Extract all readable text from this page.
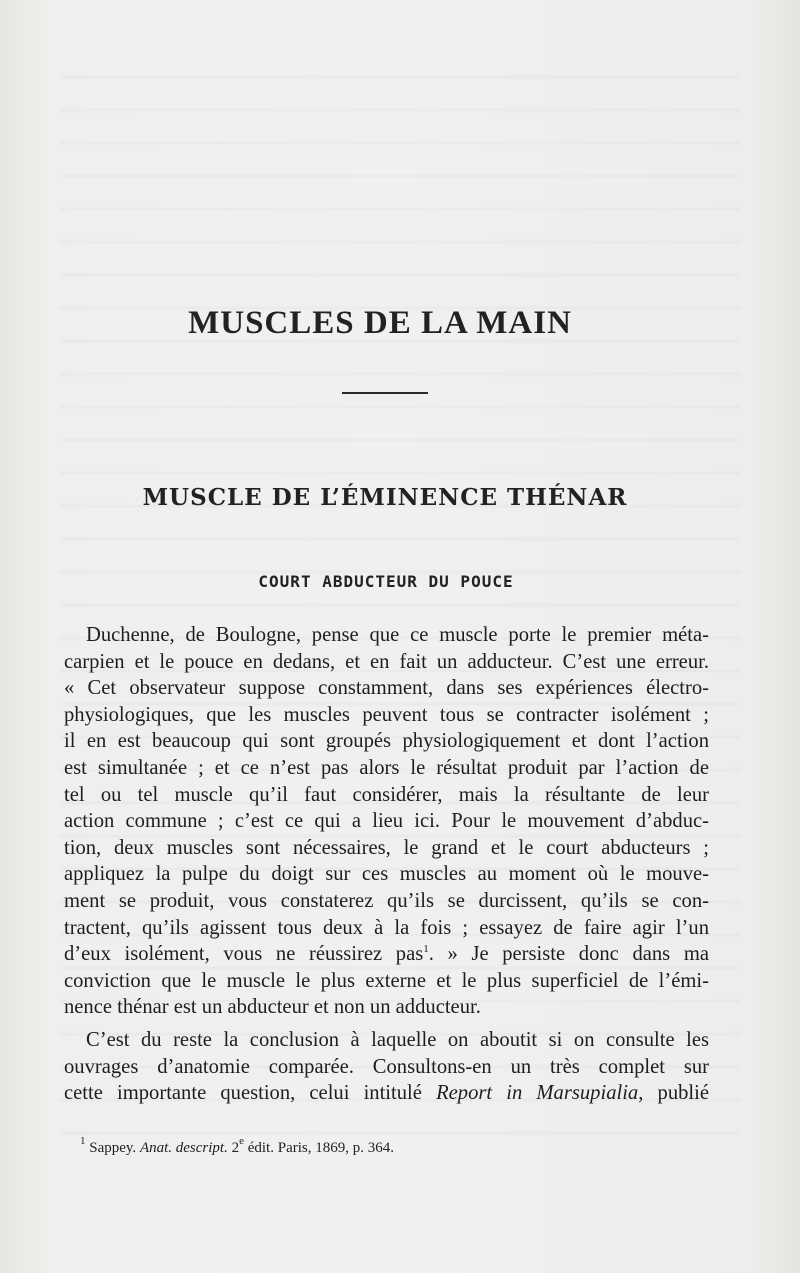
MUSCLES DE LA MAIN
MUSCLE DE L’ÉMINENCE THÉNAR
COURT ABDUCTEUR DU POUCE
Duchenne, de Boulogne, pense que ce muscle porte le premier méta-
carpien et le pouce en dedans, et en fait un adducteur. C’est une erreur.
« Cet observateur suppose constamment, dans ses expériences électro-
physiologiques, que les muscles peuvent tous se contracter isolément ;
il en est beaucoup qui sont groupés physiologiquement et dont l’action
est simultanée ; et ce n’est pas alors le résultat produit par l’action de
tel ou tel muscle qu’il faut considérer, mais la résultante de leur
action commune ; c’est ce qui a lieu ici. Pour le mouvement d’abduc-
tion, deux muscles sont nécessaires, le grand et le court abducteurs ;
appliquez la pulpe du doigt sur ces muscles au moment où le mouve-
ment se produit, vous constaterez qu’ils se durcissent, qu’ils se con-
tractent, qu’ils agissent tous deux à la fois ; essayez de faire agir l’un
d’eux isolément, vous ne réussirez pas$^1$. » Je persiste donc dans ma
conviction que le muscle le plus externe et le plus superficiel de l’émi-
nence thénar est un abducteur et non un adducteur.
C’est du reste la conclusion à laquelle on aboutit si on consulte les
ouvrages d’anatomie comparée. Consultons-en un très complet sur
cette importante question, celui intitulé Report in Marsupialia, publié
$^1$ Sappey. Anat. descript. 2e édit. Paris, 1869, p. 364.
